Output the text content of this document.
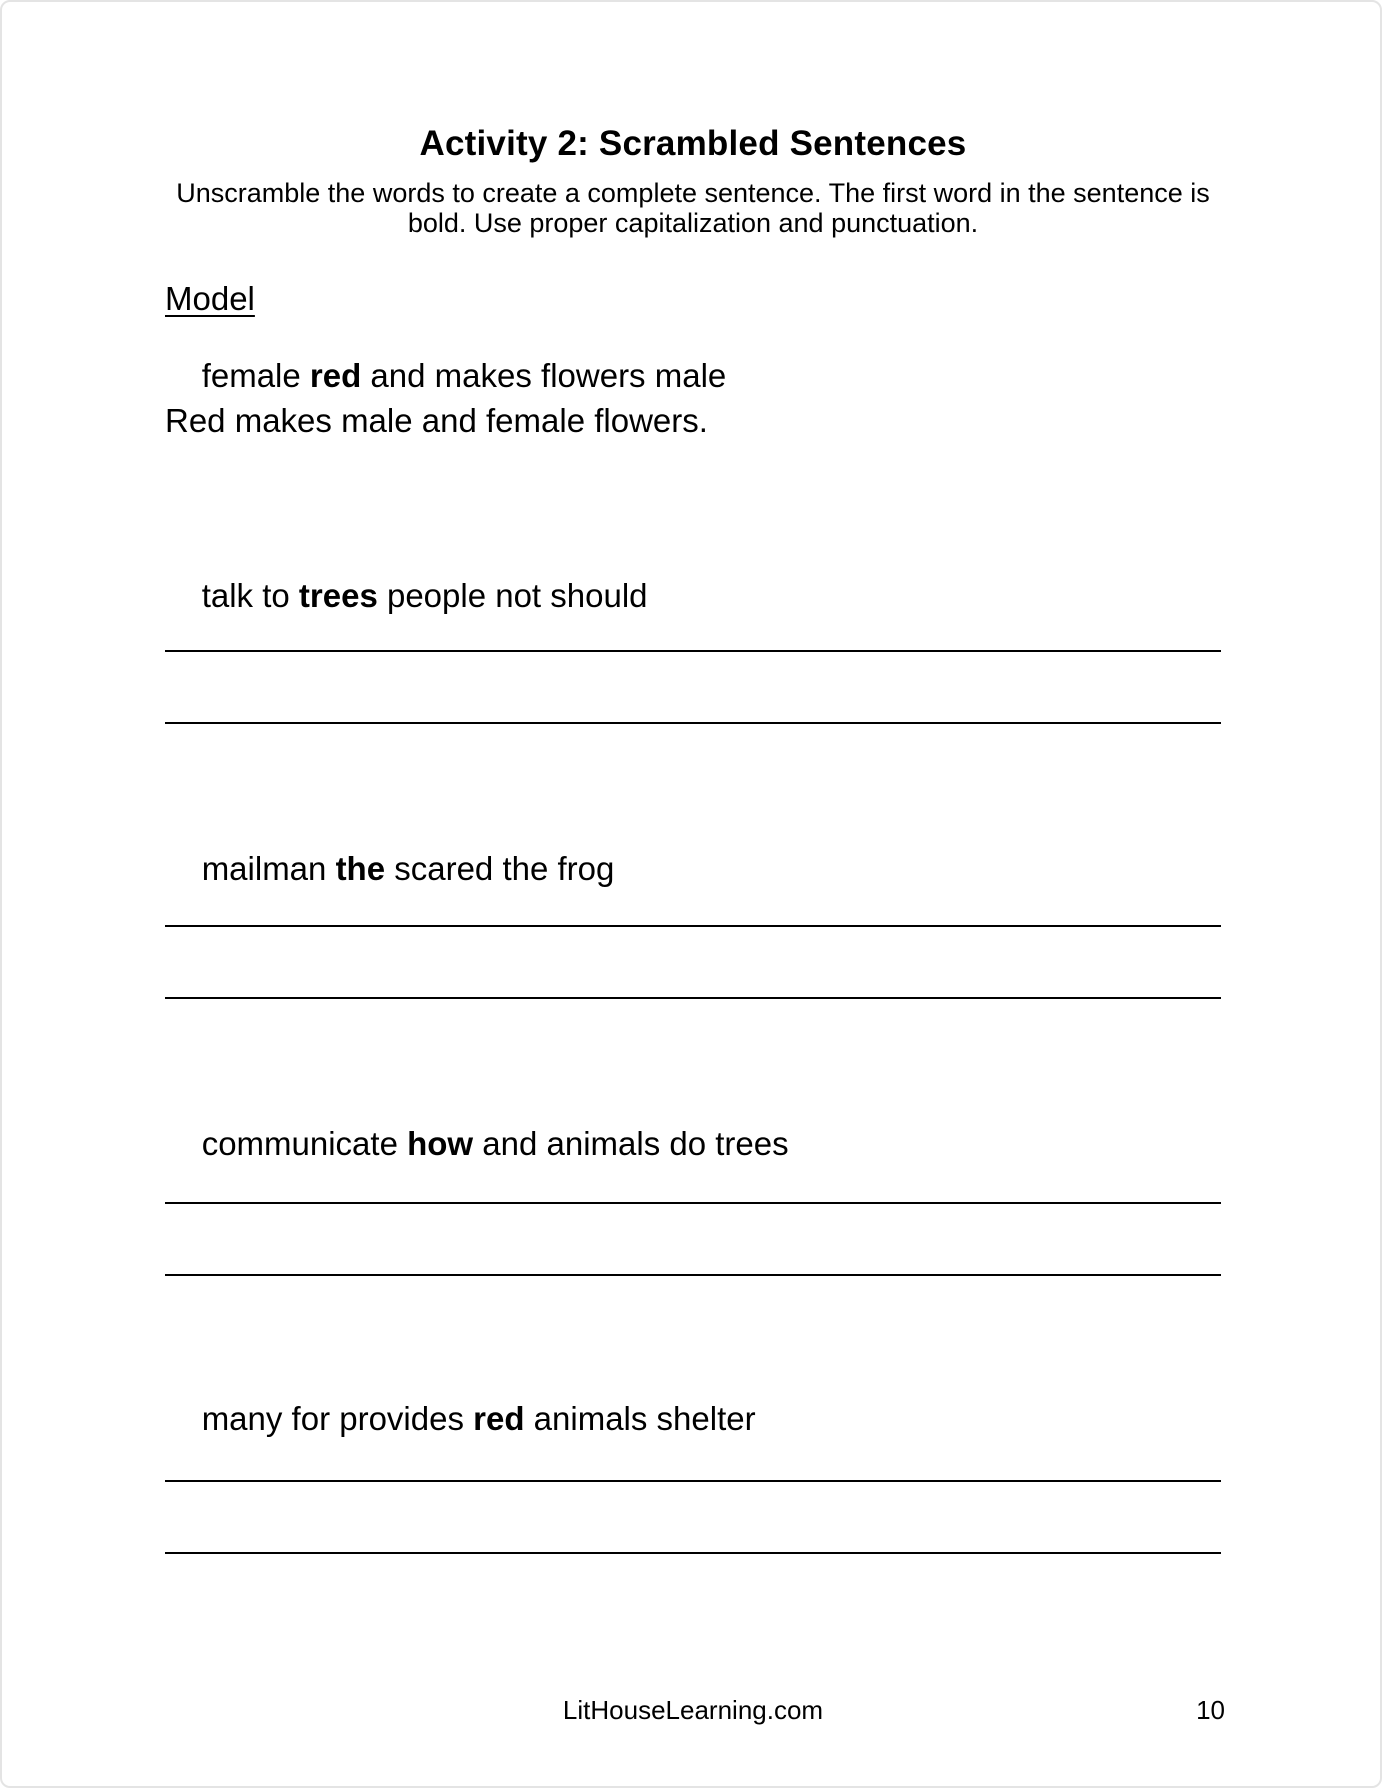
Activity 2: Scrambled Sentences
Unscramble the words to create a complete sentence. The first word in the sentence is
bold. Use proper capitalization and punctuation.
Model

female red and makes flowers male

Red makes male and female flowers.

talk to trees people not should

mailman the scared the frog

communicate how and animals do trees

many for provides red animals shelter

LitHouseLearning.com	10
